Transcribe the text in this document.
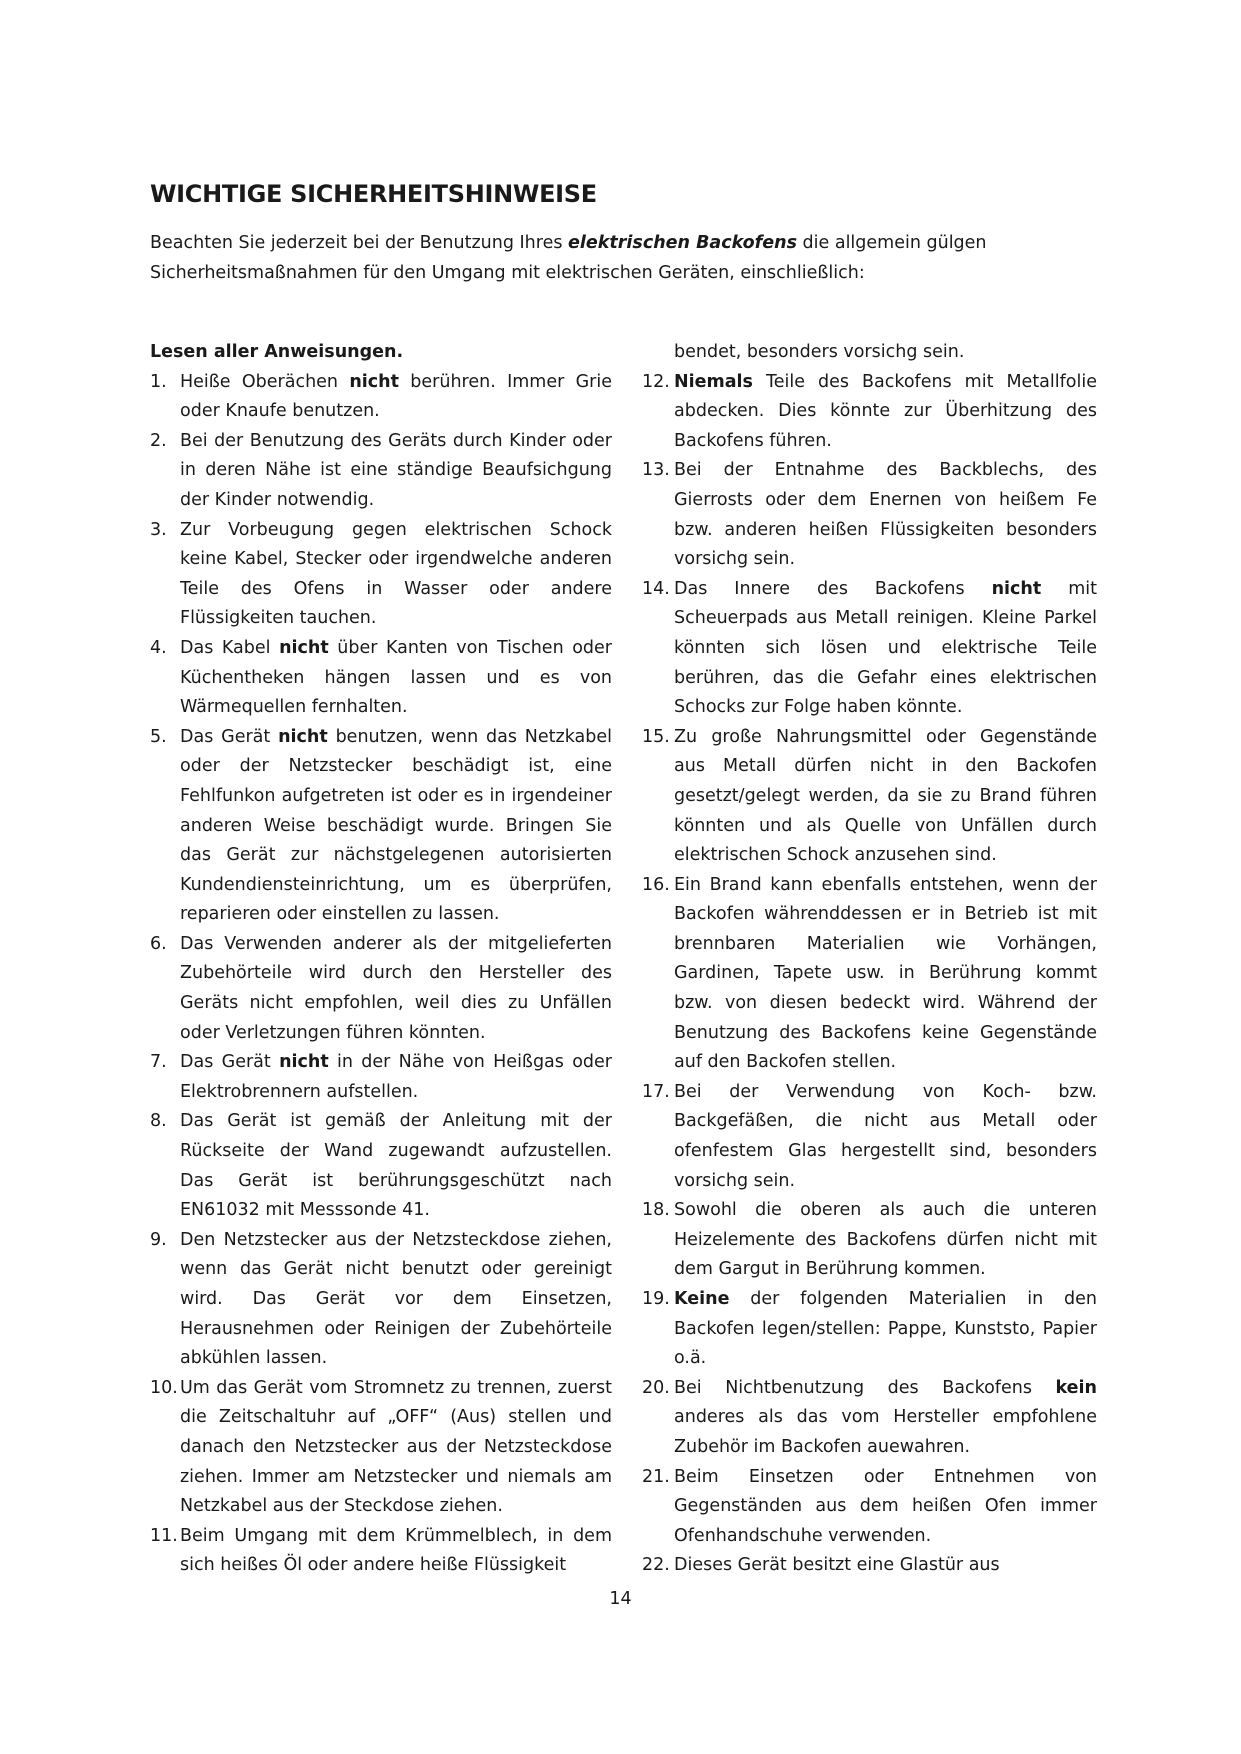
WICHTIGE SICHERHEITSHINWEISE

Beachten Sie jederzeit bei der Benutzung Ihres elektrischen Backofens die allgemein gülgen Sicherheitsmaßnahmen für den Umgang mit elektrischen Geräten, einschließlich:

Lesen aller Anweisungen.

1. Heiße Oberächen nicht berühren. Immer Grie oder Knaufe benutzen.

2. Bei der Benutzung des Geräts durch Kinder oder in deren Nähe ist eine ständige Beaufsichgung der Kinder notwendig.

3. Zur Vorbeugung gegen elektrischen Schock keine Kabel, Stecker oder irgendwelche anderen Teile des Ofens in Wasser oder andere Flüssigkeiten tauchen.

4. Das Kabel nicht über Kanten von Tischen oder Küchentheken hängen lassen und es von Wärmequellen fernhalten.

5. Das Gerät nicht benutzen, wenn das Netzkabel oder der Netzstecker beschädigt ist, eine Fehlfunkon aufgetreten ist oder es in irgendeiner anderen Weise beschädigt wurde. Bringen Sie das Gerät zur nächstgelegenen autorisierten Kundendiensteinrichtung, um es überprüfen, reparieren oder einstellen zu lassen.

6. Das Verwenden anderer als der mitgelieferten Zubehörteile wird durch den Hersteller des Geräts nicht empfohlen, weil dies zu Unfällen oder Verletzungen führen könnten.

7. Das Gerät nicht in der Nähe von Heißgas oder Elektrobrennern aufstellen.

8. Das Gerät ist gemäß der Anleitung mit der Rückseite der Wand zugewandt aufzustellen. Das Gerät ist berührungsgeschützt nach EN61032 mit Messsonde 41.

9. Den Netzstecker aus der Netzsteckdose ziehen, wenn das Gerät nicht benutzt oder gereinigt wird. Das Gerät vor dem Einsetzen, Herausnehmen oder Reinigen der Zubehörteile abkühlen lassen.

10. Um das Gerät vom Stromnetz zu trennen, zuerst die Zeitschaltuhr auf „OFF“ (Aus) stellen und danach den Netzstecker aus der Netzsteckdose ziehen. Immer am Netzstecker und niemals am Netzkabel aus der Steckdose ziehen.

11. Beim Umgang mit dem Krümmelblech, in dem sich heißes Öl oder andere heiße Flüssigkeit

bendet, besonders vorsichg sein.

12. Niemals Teile des Backofens mit Metallfolie abdecken. Dies könnte zur Überhitzung des Backofens führen.

13. Bei der Entnahme des Backblechs, des Gierrosts oder dem Enernen von heißem Fe bzw. anderen heißen Flüssigkeiten besonders vorsichg sein.

14. Das Innere des Backofens nicht mit Scheuerpads aus Metall reinigen. Kleine Parkel könnten sich lösen und elektrische Teile berühren, das die Gefahr eines elektrischen Schocks zur Folge haben könnte.

15. Zu große Nahrungsmittel oder Gegenstände aus Metall dürfen nicht in den Backofen gesetzt/gelegt werden, da sie zu Brand führen könnten und als Quelle von Unfällen durch elektrischen Schock anzusehen sind.

16. Ein Brand kann ebenfalls entstehen, wenn der Backofen währenddessen er in Betrieb ist mit brennbaren Materialien wie Vorhängen, Gardinen, Tapete usw. in Berührung kommt bzw. von diesen bedeckt wird. Während der Benutzung des Backofens keine Gegenstände auf den Backofen stellen.

17. Bei der Verwendung von Koch- bzw. Backgefäßen, die nicht aus Metall oder ofenfestem Glas hergestellt sind, besonders vorsichg sein.

18. Sowohl die oberen als auch die unteren Heizelemente des Backofens dürfen nicht mit dem Gargut in Berührung kommen.

19. Keine der folgenden Materialien in den Backofen legen/stellen: Pappe, Kunststo, Papier o.ä.

20. Bei Nichtbenutzung des Backofens kein anderes als das vom Hersteller empfohlene Zubehör im Backofen auewahren.

21. Beim Einsetzen oder Entnehmen von Gegenständen aus dem heißen Ofen immer Ofenhandschuhe verwenden.

22. Dieses Gerät besitzt eine Glastür aus

14
